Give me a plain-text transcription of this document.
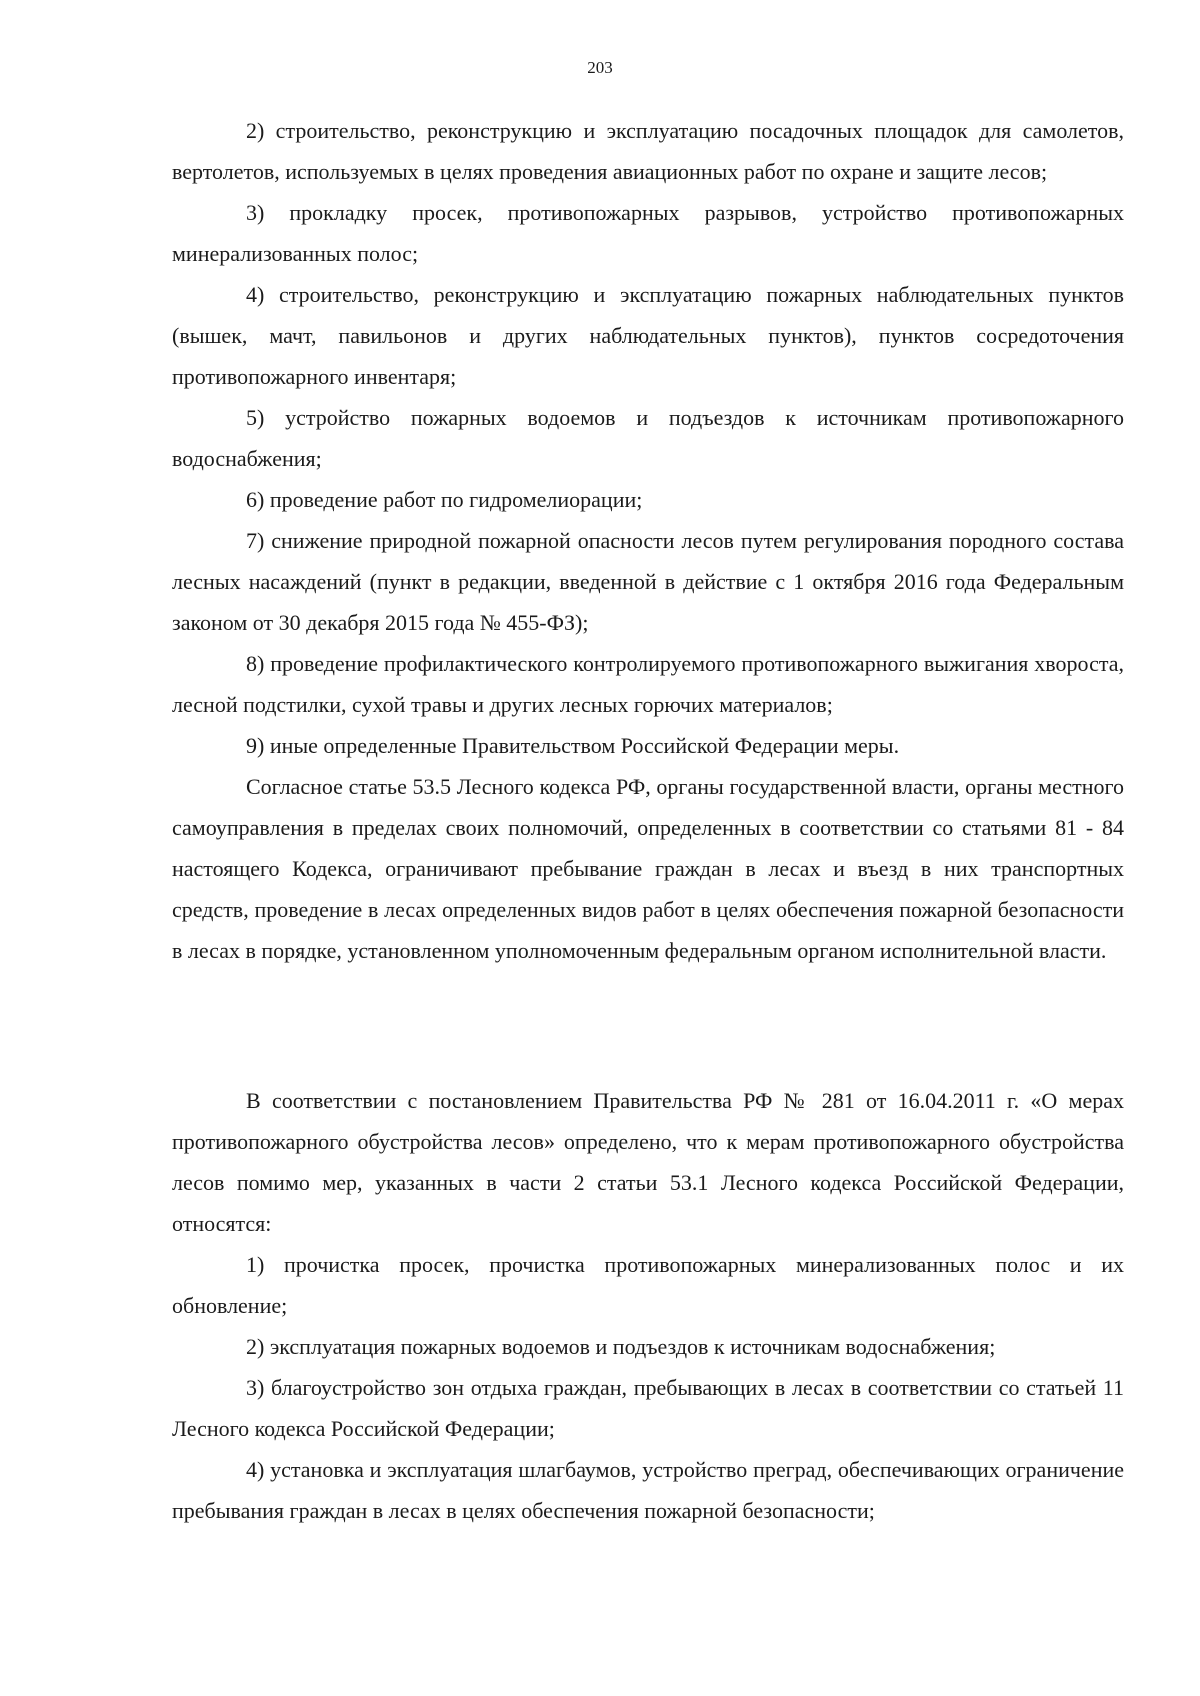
203

2) строительство, реконструкцию и эксплуатацию посадочных площадок для самолетов, вертолетов, используемых в целях проведения авиационных работ по охране и защите лесов;

3) прокладку просек, противопожарных разрывов, устройство противопожарных минерализованных полос;

4) строительство, реконструкцию и эксплуатацию пожарных наблюдательных пунктов (вышек, мачт, павильонов и других наблюдательных пунктов), пунктов сосредоточения противопожарного инвентаря;

5) устройство пожарных водоемов и подъездов к источникам противопожарного водоснабжения;

6) проведение работ по гидромелиорации;

7) снижение природной пожарной опасности лесов путем регулирования породного состава лесных насаждений (пункт в редакции, введенной в действие с 1 октября 2016 года Федеральным законом от 30 декабря 2015 года № 455-ФЗ);

8) проведение профилактического контролируемого противопожарного выжигания хвороста, лесной подстилки, сухой травы и других лесных горючих материалов;

9) иные определенные Правительством Российской Федерации меры.

Согласное статье 53.5 Лесного кодекса РФ, органы государственной власти, органы местного самоуправления в пределах своих полномочий, определенных в соответствии со статьями 81 - 84 настоящего Кодекса, ограничивают пребывание граждан в лесах и въезд в них транспортных средств, проведение в лесах определенных видов работ в целях обеспечения пожарной безопасности в лесах в порядке, установленном уполномоченным федеральным органом исполнительной власти.

В соответствии с постановлением Правительства РФ № 281 от 16.04.2011 г. «О мерах противопожарного обустройства лесов» определено, что к мерам противопожарного обустройства лесов помимо мер, указанных в части 2 статьи 53.1 Лесного кодекса Российской Федерации, относятся:

1) прочистка просек, прочистка противопожарных минерализованных полос и их обновление;

2) эксплуатация пожарных водоемов и подъездов к источникам водоснабжения;

3) благоустройство зон отдыха граждан, пребывающих в лесах в соответствии со статьей 11 Лесного кодекса Российской Федерации;

4) установка и эксплуатация шлагбаумов, устройство преград, обеспечивающих ограничение пребывания граждан в лесах в целях обеспечения пожарной безопасности;
